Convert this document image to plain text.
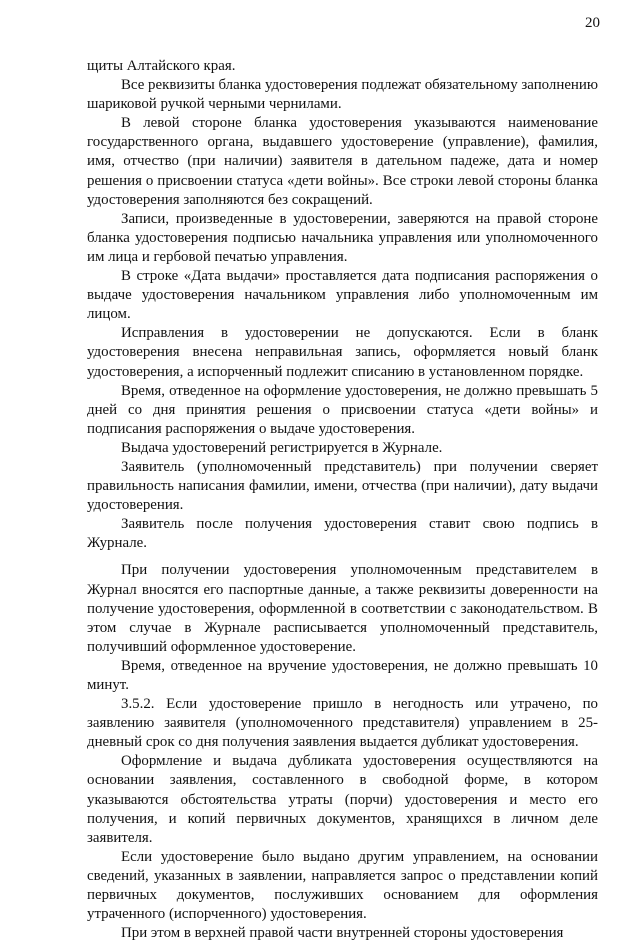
20

щиты Алтайского края.

Все реквизиты бланка удостоверения подлежат обязательному заполнению шариковой ручкой черными чернилами.

В левой стороне бланка удостоверения указываются наименование государственного органа, выдавшего удостоверение (управление), фамилия, имя, отчество (при наличии) заявителя в дательном падеже, дата и номер решения о присвоении статуса «дети войны». Все строки левой стороны бланка удостоверения заполняются без сокращений.

Записи, произведенные в удостоверении, заверяются на правой стороне бланка удостоверения подписью начальника управления или уполномоченного им лица и гербовой печатью управления.

В строке «Дата выдачи» проставляется дата подписания распоряжения о выдаче удостоверения начальником управления либо уполномоченным им лицом.

Исправления в удостоверении не допускаются. Если в бланк удостоверения внесена неправильная запись, оформляется новый бланк удостоверения, а испорченный подлежит списанию в установленном порядке.

Время, отведенное на оформление удостоверения, не должно превышать 5 дней со дня принятия решения о присвоении статуса «дети войны» и подписания распоряжения о выдаче удостоверения.

Выдача удостоверений регистрируется в Журнале.

Заявитель (уполномоченный представитель) при получении сверяет правильность написания фамилии, имени, отчества (при наличии), дату выдачи удостоверения.

Заявитель после получения удостоверения ставит свою подпись в Журнале.

При получении удостоверения уполномоченным представителем в Журнал вносятся его паспортные данные, а также реквизиты доверенности на получение удостоверения, оформленной в соответствии с законодательством. В этом случае в Журнале расписывается уполномоченный представитель, получивший оформленное удостоверение.

Время, отведенное на вручение удостоверения, не должно превышать 10 минут.

3.5.2. Если удостоверение пришло в негодность или утрачено, по заявлению заявителя (уполномоченного представителя) управлением в 25-дневный срок со дня получения заявления выдается дубликат удостоверения.

Оформление и выдача дубликата удостоверения осуществляются на основании заявления, составленного в свободной форме, в котором указываются обстоятельства утраты (порчи) удостоверения и место его получения, и копий первичных документов, хранящихся в личном деле заявителя.

Если удостоверение было выдано другим управлением, на основании сведений, указанных в заявлении, направляется запрос о представлении копий первичных документов, послуживших основанием для оформления утраченного (испорченного) удостоверения.

При этом в верхней правой части внутренней стороны удостоверения
